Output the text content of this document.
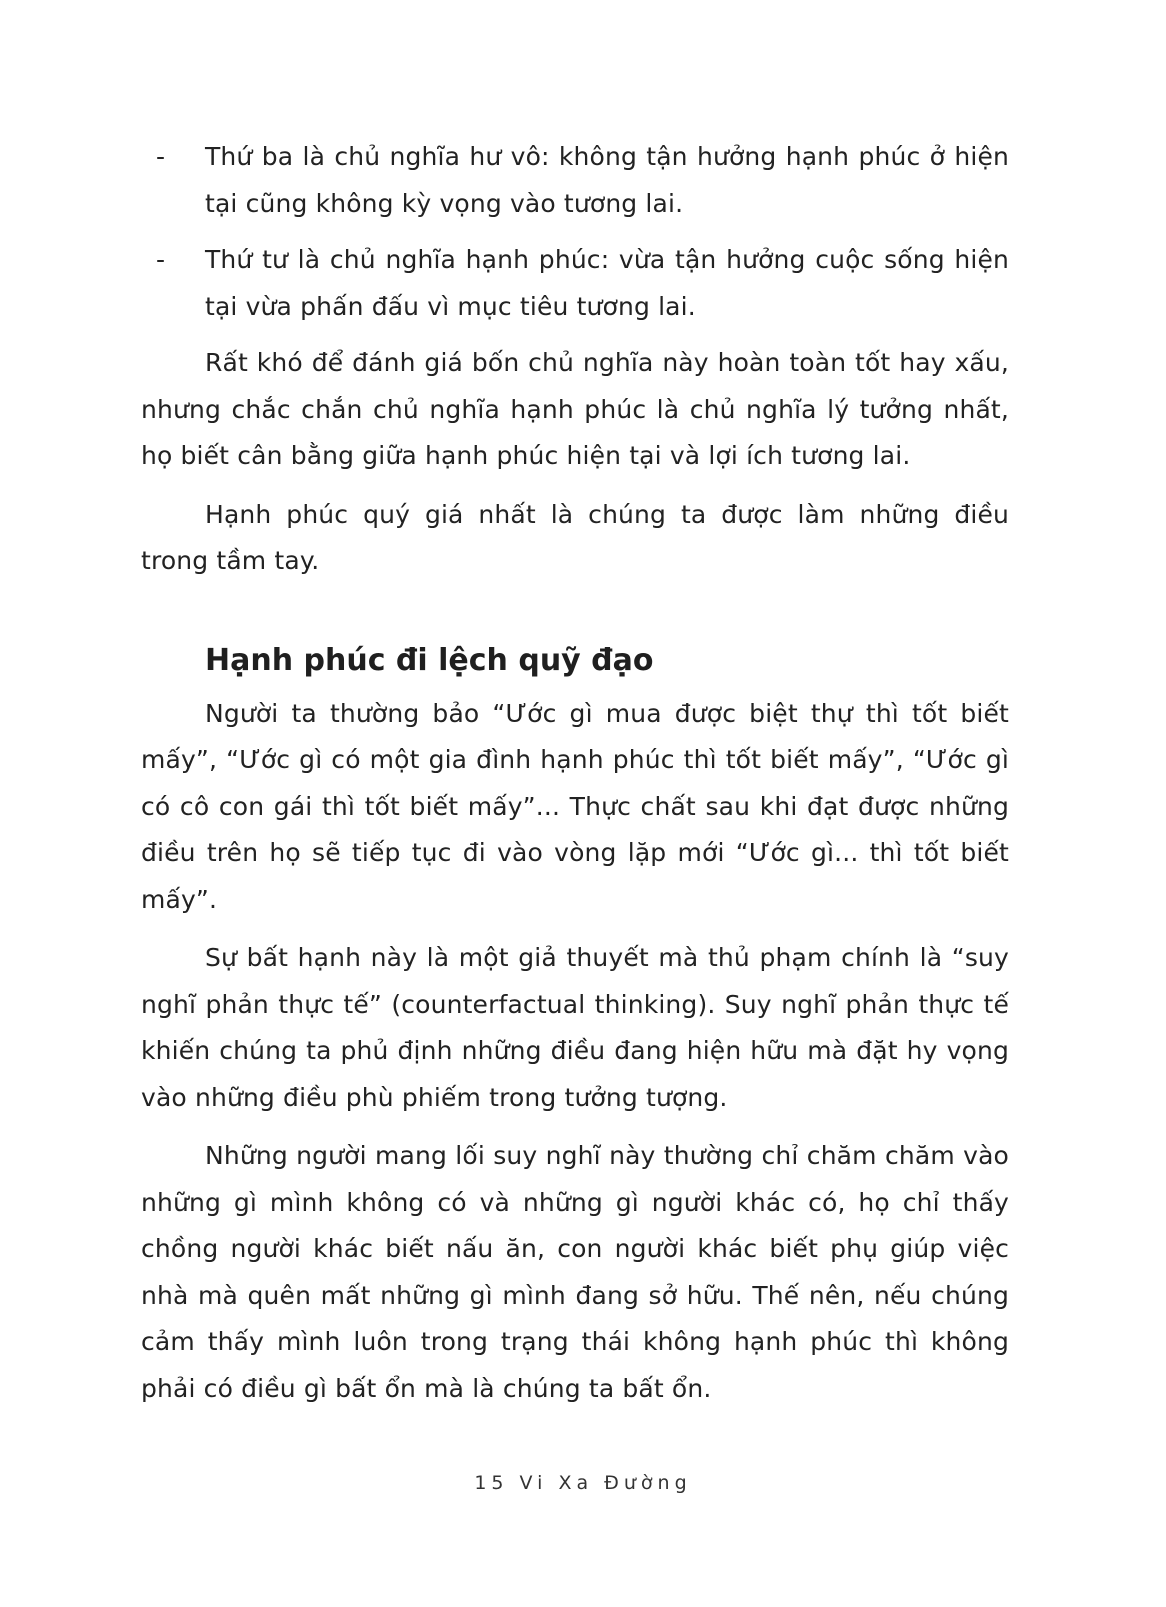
- Thứ ba là chủ nghĩa hư vô: không tận hưởng hạnh phúc ở hiện tại cũng không kỳ vọng vào tương lai.

- Thứ tư là chủ nghĩa hạnh phúc: vừa tận hưởng cuộc sống hiện tại vừa phấn đấu vì mục tiêu tương lai.

Rất khó để đánh giá bốn chủ nghĩa này hoàn toàn tốt hay xấu, nhưng chắc chắn chủ nghĩa hạnh phúc là chủ nghĩa lý tưởng nhất, họ biết cân bằng giữa hạnh phúc hiện tại và lợi ích tương lai.

Hạnh phúc quý giá nhất là chúng ta được làm những điều trong tầm tay.

Hạnh phúc đi lệch quỹ đạo

Người ta thường bảo “Ước gì mua được biệt thự thì tốt biết mấy”, “Ước gì có một gia đình hạnh phúc thì tốt biết mấy”, “Ước gì có cô con gái thì tốt biết mấy”... Thực chất sau khi đạt được những điều trên họ sẽ tiếp tục đi vào vòng lặp mới “Ước gì... thì tốt biết mấy”.

Sự bất hạnh này là một giả thuyết mà thủ phạm chính là “suy nghĩ phản thực tế” (counterfactual thinking). Suy nghĩ phản thực tế khiến chúng ta phủ định những điều đang hiện hữu mà đặt hy vọng vào những điều phù phiếm trong tưởng tượng.

Những người mang lối suy nghĩ này thường chỉ chăm chăm vào những gì mình không có và những gì người khác có, họ chỉ thấy chồng người khác biết nấu ăn, con người khác biết phụ giúp việc nhà mà quên mất những gì mình đang sở hữu. Thế nên, nếu chúng cảm thấy mình luôn trong trạng thái không hạnh phúc thì không phải có điều gì bất ổn mà là chúng ta bất ổn.

15 Vi Xa Đường
